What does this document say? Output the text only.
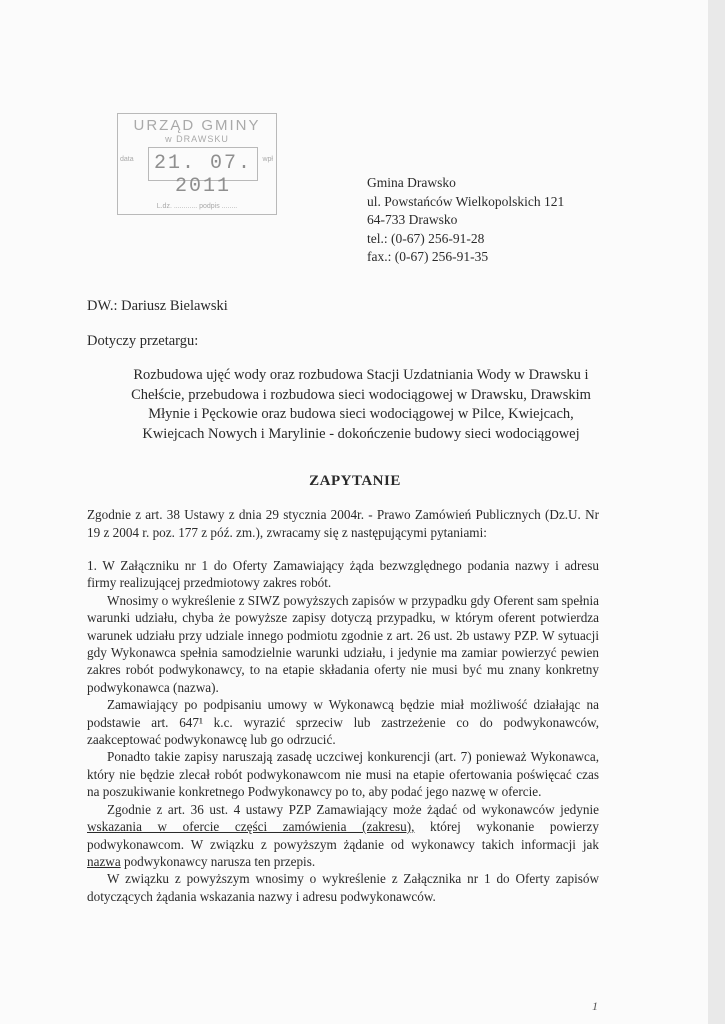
URZĄD GMINY
w DRAWSKU
data 21. 07. 2011
wpł
L.dz. ............ podpis ........
Gmina Drawsko
ul. Powstańców Wielkopolskich 121
64-733 Drawsko
tel.: (0-67) 256-91-28
fax.: (0-67) 256-91-35
DW.: Dariusz Bielawski
Dotyczy przetargu:
Rozbudowa ujęć wody oraz rozbudowa Stacji Uzdatniania Wody w Drawsku i
Chełście, przebudowa i rozbudowa sieci wodociągowej w Drawsku, Drawskim
Młynie i Pęckowie oraz budowa sieci wodociągowej w Pilce, Kwiejcach,
Kwiejcach Nowych i Marylinie - dokończenie budowy sieci wodociągowej
ZAPYTANIE
Zgodnie z art. 38 Ustawy z dnia 29 stycznia 2004r. - Prawo Zamówień Publicznych (Dz.U. Nr 19 z 2004 r. poz. 177 z póź. zm.), zwracamy się z następującymi pytaniami:

1. W Załączniku nr 1 do Oferty Zamawiający żąda bezwzględnego podania nazwy i adresu firmy realizującej przedmiotowy zakres robót.

Wnosimy o wykreślenie z SIWZ powyższych zapisów w przypadku gdy Oferent sam spełnia warunki udziału, chyba że powyższe zapisy dotyczą przypadku, w którym oferent potwierdza warunek udziału przy udziale innego podmiotu zgodnie z art. 26 ust. 2b ustawy PZP. W sytuacji gdy Wykonawca spełnia samodzielnie warunki udziału, i jedynie ma zamiar powierzyć pewien zakres robót podwykonawcy, to na etapie składania oferty nie musi być mu znany konkretny podwykonawca (nazwa).

Zamawiający po podpisaniu umowy w Wykonawcą będzie miał możliwość działając na podstawie art. 647¹ k.c. wyrazić sprzeciw lub zastrzeżenie co do podwykonawców, zaakceptować podwykonawcę lub go odrzucić.

Ponadto takie zapisy naruszają zasadę uczciwej konkurencji (art. 7) ponieważ Wykonawca, który nie będzie zlecał robót podwykonawcom nie musi na etapie ofertowania poświęcać czas na poszukiwanie konkretnego Podwykonawcy po to, aby podać jego nazwę w ofercie.

Zgodnie z art. 36 ust. 4 ustawy PZP Zamawiający może żądać od wykonawców jedynie wskazania w ofercie części zamówienia (zakresu), której wykonanie powierzy podwykonawcom. W związku z powyższym żądanie od wykonawcy takich informacji jak nazwa podwykonawcy narusza ten przepis.

W związku z powyższym wnosimy o wykreślenie z Załącznika nr 1 do Oferty zapisów dotyczących żądania wskazania nazwy i adresu podwykonawców.

1
